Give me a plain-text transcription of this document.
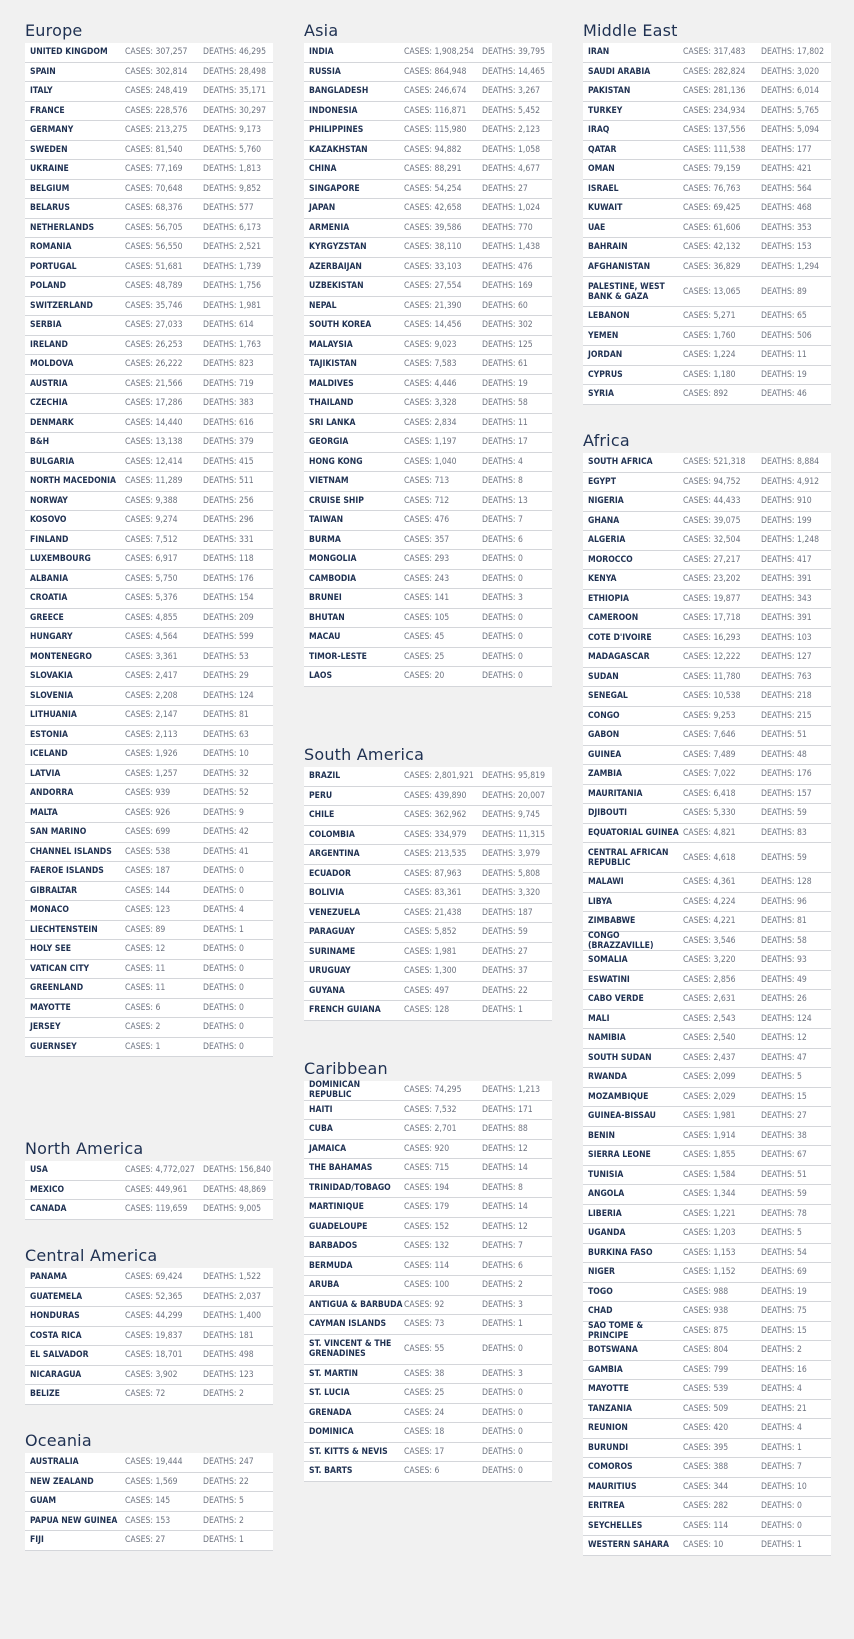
Europe
UNITED KINGDOM	CASES: 307,257	DEATHS: 46,295
SPAIN	CASES: 302,814	DEATHS: 28,498
ITALY	CASES: 248,419	DEATHS: 35,171
FRANCE	CASES: 228,576	DEATHS: 30,297
GERMANY	CASES: 213,275	DEATHS: 9,173
SWEDEN	CASES: 81,540	DEATHS: 5,760
UKRAINE	CASES: 77,169	DEATHS: 1,813
BELGIUM	CASES: 70,648	DEATHS: 9,852
BELARUS	CASES: 68,376	DEATHS: 577
NETHERLANDS	CASES: 56,705	DEATHS: 6,173
ROMANIA	CASES: 56,550	DEATHS: 2,521
PORTUGAL	CASES: 51,681	DEATHS: 1,739
POLAND	CASES: 48,789	DEATHS: 1,756
SWITZERLAND	CASES: 35,746	DEATHS: 1,981
SERBIA	CASES: 27,033	DEATHS: 614
IRELAND	CASES: 26,253	DEATHS: 1,763
MOLDOVA	CASES: 26,222	DEATHS: 823
AUSTRIA	CASES: 21,566	DEATHS: 719
CZECHIA	CASES: 17,286	DEATHS: 383
DENMARK	CASES: 14,440	DEATHS: 616
B&H	CASES: 13,138	DEATHS: 379
BULGARIA	CASES: 12,414	DEATHS: 415
NORTH MACEDONIA	CASES: 11,289	DEATHS: 511
NORWAY	CASES: 9,388	DEATHS: 256
KOSOVO	CASES: 9,274	DEATHS: 296
FINLAND	CASES: 7,512	DEATHS: 331
LUXEMBOURG	CASES: 6,917	DEATHS: 118
ALBANIA	CASES: 5,750	DEATHS: 176
CROATIA	CASES: 5,376	DEATHS: 154
GREECE	CASES: 4,855	DEATHS: 209
HUNGARY	CASES: 4,564	DEATHS: 599
MONTENEGRO	CASES: 3,361	DEATHS: 53
SLOVAKIA	CASES: 2,417	DEATHS: 29
SLOVENIA	CASES: 2,208	DEATHS: 124
LITHUANIA	CASES: 2,147	DEATHS: 81
ESTONIA	CASES: 2,113	DEATHS: 63
ICELAND	CASES: 1,926	DEATHS: 10
LATVIA	CASES: 1,257	DEATHS: 32
ANDORRA	CASES: 939	DEATHS: 52
MALTA	CASES: 926	DEATHS: 9
SAN MARINO	CASES: 699	DEATHS: 42
CHANNEL ISLANDS	CASES: 538	DEATHS: 41
FAEROE ISLANDS	CASES: 187	DEATHS: 0
GIBRALTAR	CASES: 144	DEATHS: 0
MONACO	CASES: 123	DEATHS: 4
LIECHTENSTEIN	CASES: 89	DEATHS: 1
HOLY SEE	CASES: 12	DEATHS: 0
VATICAN CITY	CASES: 11	DEATHS: 0
GREENLAND	CASES: 11	DEATHS: 0
MAYOTTE	CASES: 6	DEATHS: 0
JERSEY	CASES: 2	DEATHS: 0
GUERNSEY	CASES: 1	DEATHS: 0
North America
USA	CASES: 4,772,027 DEATHS: 156,840
MEXICO	CASES: 449,961	DEATHS: 48,869
CANADA	CASES: 119,659	DEATHS: 9,005
Central America
PANAMA	CASES: 69,424	DEATHS: 1,522
GUATEMELA	CASES: 52,365	DEATHS: 2,037
HONDURAS	CASES: 44,299	DEATHS: 1,400
COSTA RICA	CASES: 19,837	DEATHS: 181
EL SALVADOR	CASES: 18,701	DEATHS: 498
NICARAGUA	CASES: 3,902	DEATHS: 123
BELIZE	CASES: 72	DEATHS: 2
Oceania
AUSTRALIA	CASES: 19,444	DEATHS: 247
NEW ZEALAND	CASES: 1,569	DEATHS: 22
GUAM	CASES: 145	DEATHS: 5
PAPUA NEW GUINEA CASES: 153	DEATHS: 2
FIJI	CASES: 27	DEATHS: 1
Asia
INDIA	CASES: 1,908,254 DEATHS: 39,795
RUSSIA	CASES: 864,948	DEATHS: 14,465
BANGLADESH	CASES: 246,674	DEATHS: 3,267
INDONESIA	CASES: 116,871	DEATHS: 5,452
PHILIPPINES	CASES: 115,980	DEATHS: 2,123
KAZAKHSTAN	CASES: 94,882	DEATHS: 1,058
CHINA	CASES: 88,291	DEATHS: 4,677
SINGAPORE	CASES: 54,254	DEATHS: 27
JAPAN	CASES: 42,658	DEATHS: 1,024
ARMENIA	CASES: 39,586	DEATHS: 770
KYRGYZSTAN	CASES: 38,110	DEATHS: 1,438
AZERBAIJAN	CASES: 33,103	DEATHS: 476
UZBEKISTAN	CASES: 27,554	DEATHS: 169
NEPAL	CASES: 21,390	DEATHS: 60
SOUTH KOREA	CASES: 14,456	DEATHS: 302
MALAYSIA	CASES: 9,023	DEATHS: 125
TAJIKISTAN	CASES: 7,583	DEATHS: 61
MALDIVES	CASES: 4,446	DEATHS: 19
THAILAND	CASES: 3,328	DEATHS: 58
SRI LANKA	CASES: 2,834	DEATHS: 11
GEORGIA	CASES: 1,197	DEATHS: 17
HONG KONG	CASES: 1,040	DEATHS: 4
VIETNAM	CASES: 713	DEATHS: 8
CRUISE SHIP	CASES: 712	DEATHS: 13
TAIWAN	CASES: 476	DEATHS: 7
BURMA	CASES: 357	DEATHS: 6
MONGOLIA	CASES: 293	DEATHS: 0
CAMBODIA	CASES: 243	DEATHS: 0
BRUNEI	CASES: 141	DEATHS: 3
BHUTAN	CASES: 105	DEATHS: 0
MACAU	CASES: 45	DEATHS: 0
TIMOR-LESTE	CASES: 25	DEATHS: 0
LAOS	CASES: 20	DEATHS: 0
South America
BRAZIL	CASES: 2,801,921 DEATHS: 95,819
PERU	CASES: 439,890	DEATHS: 20,007
CHILE	CASES: 362,962	DEATHS: 9,745
COLOMBIA	CASES: 334,979	DEATHS: 11,315
ARGENTINA	CASES: 213,535	DEATHS: 3,979
ECUADOR	CASES: 87,963	DEATHS: 5,808
BOLIVIA	CASES: 83,361	DEATHS: 3,320
VENEZUELA	CASES: 21,438	DEATHS: 187
PARAGUAY	CASES: 5,852	DEATHS: 59
SURINAME	CASES: 1,981	DEATHS: 27
URUGUAY	CASES: 1,300	DEATHS: 37
GUYANA	CASES: 497	DEATHS: 22
FRENCH GUIANA	CASES: 128	DEATHS: 1
Caribbean
DOMINICAN REPUBLIC	CASES: 74,295	DEATHS: 1,213
HAITI	CASES: 7,532	DEATHS: 171
CUBA	CASES: 2,701	DEATHS: 88
JAMAICA	CASES: 920	DEATHS: 12
THE BAHAMAS	CASES: 715	DEATHS: 14
TRINIDAD/TOBAGO	CASES: 194	DEATHS: 8
MARTINIQUE	CASES: 179	DEATHS: 14
GUADELOUPE	CASES: 152	DEATHS: 12
BARBADOS	CASES: 132	DEATHS: 7
BERMUDA	CASES: 114	DEATHS: 6
ARUBA	CASES: 100	DEATHS: 2
ANTIGUA & BARBUDA CASES: 92	DEATHS: 3
CAYMAN ISLANDS	CASES: 73	DEATHS: 1
ST. VINCENT & THE GRENADINES	CASES: 55	DEATHS: 0
ST. MARTIN	CASES: 38	DEATHS: 3
ST. LUCIA	CASES: 25	DEATHS: 0
GRENADA	CASES: 24	DEATHS: 0
DOMINICA	CASES: 18	DEATHS: 0
ST. KITTS & NEVIS	CASES: 17	DEATHS: 0
ST. BARTS	CASES: 6	DEATHS: 0
Middle East
IRAN	CASES: 317,483	DEATHS: 17,802
SAUDI ARABIA	CASES: 282,824	DEATHS: 3,020
PAKISTAN	CASES: 281,136	DEATHS: 6,014
TURKEY	CASES: 234,934	DEATHS: 5,765
IRAQ	CASES: 137,556	DEATHS: 5,094
QATAR	CASES: 111,538	DEATHS: 177
OMAN	CASES: 79,159	DEATHS: 421
ISRAEL	CASES: 76,763	DEATHS: 564
KUWAIT	CASES: 69,425	DEATHS: 468
UAE	CASES: 61,606	DEATHS: 353
BAHRAIN	CASES: 42,132	DEATHS: 153
AFGHANISTAN	CASES: 36,829	DEATHS: 1,294
PALESTINE, WEST BANK & GAZA	CASES: 13,065	DEATHS: 89
LEBANON	CASES: 5,271	DEATHS: 65
YEMEN	CASES: 1,760	DEATHS: 506
JORDAN	CASES: 1,224	DEATHS: 11
CYPRUS	CASES: 1,180	DEATHS: 19
SYRIA	CASES: 892	DEATHS: 46
Africa
SOUTH AFRICA	CASES: 521,318	DEATHS: 8,884
EGYPT	CASES: 94,752	DEATHS: 4,912
NIGERIA	CASES: 44,433	DEATHS: 910
GHANA	CASES: 39,075	DEATHS: 199
ALGERIA	CASES: 32,504	DEATHS: 1,248
MOROCCO	CASES: 27,217	DEATHS: 417
KENYA	CASES: 23,202	DEATHS: 391
ETHIOPIA	CASES: 19,877	DEATHS: 343
CAMEROON	CASES: 17,718	DEATHS: 391
COTE D'IVOIRE	CASES: 16,293	DEATHS: 103
MADAGASCAR	CASES: 12,222	DEATHS: 127
SUDAN	CASES: 11,780	DEATHS: 763
SENEGAL	CASES: 10,538	DEATHS: 218
CONGO	CASES: 9,253	DEATHS: 215
GABON	CASES: 7,646	DEATHS: 51
GUINEA	CASES: 7,489	DEATHS: 48
ZAMBIA	CASES: 7,022	DEATHS: 176
MAURITANIA	CASES: 6,418	DEATHS: 157
DJIBOUTI	CASES: 5,330	DEATHS: 59
EQUATORIAL GUINEA CASES: 4,821	DEATHS: 83
CENTRAL AFRICAN REPUBLIC	CASES: 4,618	DEATHS: 59
MALAWI	CASES: 4,361	DEATHS: 128
LIBYA	CASES: 4,224	DEATHS: 96
ZIMBABWE	CASES: 4,221	DEATHS: 81
CONGO (BRAZZAVILLE)	CASES: 3,546	DEATHS: 58
SOMALIA	CASES: 3,220	DEATHS: 93
ESWATINI	CASES: 2,856	DEATHS: 49
CABO VERDE	CASES: 2,631	DEATHS: 26
MALI	CASES: 2,543	DEATHS: 124
NAMIBIA	CASES: 2,540	DEATHS: 12
SOUTH SUDAN	CASES: 2,437	DEATHS: 47
RWANDA	CASES: 2,099	DEATHS: 5
MOZAMBIQUE	CASES: 2,029	DEATHS: 15
GUINEA-BISSAU	CASES: 1,981	DEATHS: 27
BENIN	CASES: 1,914	DEATHS: 38
SIERRA LEONE	CASES: 1,855	DEATHS: 67
TUNISIA	CASES: 1,584	DEATHS: 51
ANGOLA	CASES: 1,344	DEATHS: 59
LIBERIA	CASES: 1,221	DEATHS: 78
UGANDA	CASES: 1,203	DEATHS: 5
BURKINA FASO	CASES: 1,153	DEATHS: 54
NIGER	CASES: 1,152	DEATHS: 69
TOGO	CASES: 988	DEATHS: 19
CHAD	CASES: 938	DEATHS: 75
SAO TOME & PRINCIPE	CASES: 875	DEATHS: 15
BOTSWANA	CASES: 804	DEATHS: 2
GAMBIA	CASES: 799	DEATHS: 16
MAYOTTE	CASES: 539	DEATHS: 4
TANZANIA	CASES: 509	DEATHS: 21
REUNION	CASES: 420	DEATHS: 4
BURUNDI	CASES: 395	DEATHS: 1
COMOROS	CASES: 388	DEATHS: 7
MAURITIUS	CASES: 344	DEATHS: 10
ERITREA	CASES: 282	DEATHS: 0
SEYCHELLES	CASES: 114	DEATHS: 0
WESTERN SAHARA	CASES: 10	DEATHS: 1
